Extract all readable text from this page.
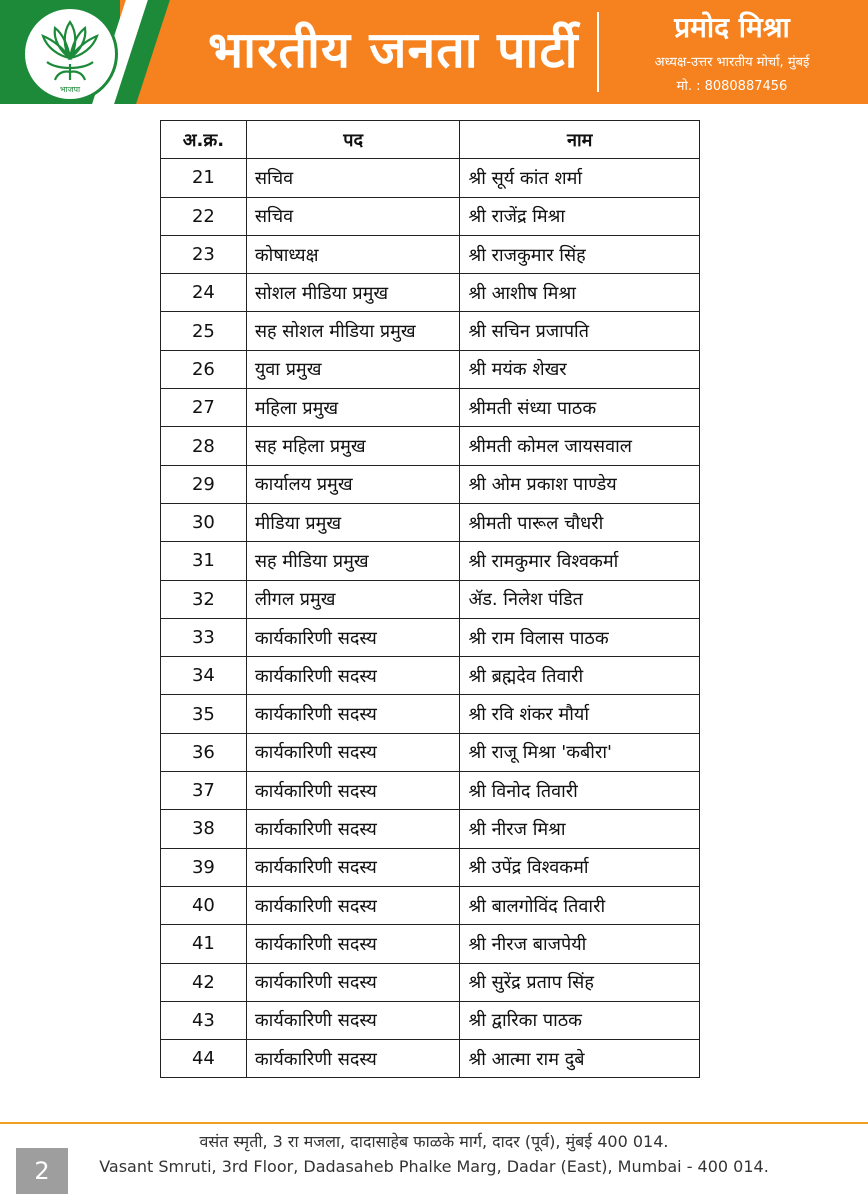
भाजपा
भारतीय जनता पार्टी	प्रमोद मिश्रा
अध्यक्ष-उत्तर भारतीय मोर्चा, मुंबई
मो. : 8080887456
अ.क्र.	पद	नाम
21	सचिव	श्री सूर्य कांत शर्मा
22	सचिव	श्री राजेंद्र मिश्रा
23	कोषाध्यक्ष	श्री राजकुमार सिंह
24	सोशल मीडिया प्रमुख	श्री आशीष मिश्रा
25	सह सोशल मीडिया प्रमुख	श्री सचिन प्रजापति
26	युवा प्रमुख	श्री मयंक शेखर
27	महिला प्रमुख	श्रीमती संध्या पाठक
28	सह महिला प्रमुख	श्रीमती कोमल जायसवाल
29	कार्यालय प्रमुख	श्री ओम प्रकाश पाण्डेय
30	मीडिया प्रमुख	श्रीमती पारूल चौधरी
31	सह मीडिया प्रमुख	श्री रामकुमार विश्वकर्मा
32	लीगल प्रमुख	ॲड. निलेश पंडित
33	कार्यकारिणी सदस्य	श्री राम विलास पाठक
34	कार्यकारिणी सदस्य	श्री ब्रह्मदेव तिवारी
35	कार्यकारिणी सदस्य	श्री रवि शंकर मौर्या
36	कार्यकारिणी सदस्य	श्री राजू मिश्रा 'कबीरा'
37	कार्यकारिणी सदस्य	श्री विनोद तिवारी
38	कार्यकारिणी सदस्य	श्री नीरज मिश्रा
39	कार्यकारिणी सदस्य	श्री उपेंद्र विश्वकर्मा
40	कार्यकारिणी सदस्य	श्री बालगोविंद तिवारी
41	कार्यकारिणी सदस्य	श्री नीरज बाजपेयी
42	कार्यकारिणी सदस्य	श्री सुरेंद्र प्रताप सिंह
43	कार्यकारिणी सदस्य	श्री द्वारिका पाठक
44	कार्यकारिणी सदस्य	श्री आत्मा राम दुबे
वसंत स्मृती, 3 रा मजला, दादासाहेब फाळके मार्ग, दादर (पूर्व), मुंबई 400 014.
Vasant Smruti, 3rd Floor, Dadasaheb Phalke Marg, Dadar (East), Mumbai - 400 014.
2
